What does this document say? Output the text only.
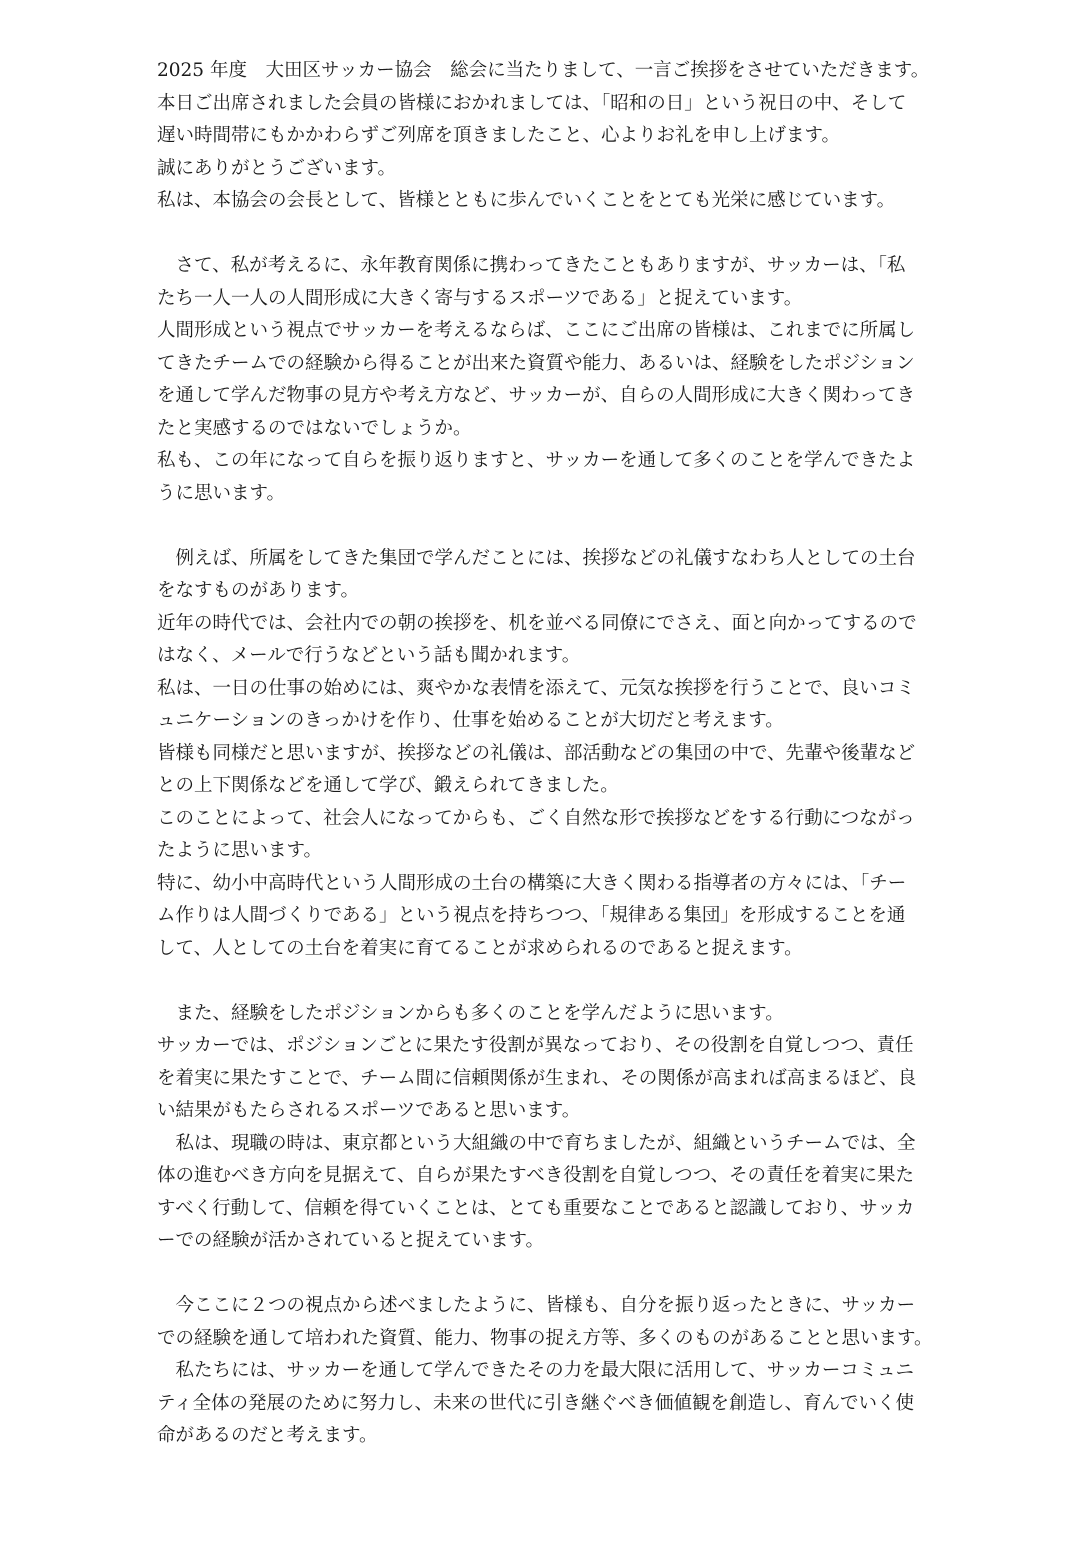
2025 年度　大田区サッカー協会　総会に当たりまして、一言ご挨拶をさせていただきます。
本日ご出席されました会員の皆様におかれましては、「昭和の日」という祝日の中、そして
遅い時間帯にもかかわらずご列席を頂きましたこと、心よりお礼を申し上げます。
誠にありがとうございます。
私は、本協会の会長として、皆様とともに歩んでいくことをとても光栄に感じています。
　さて、私が考えるに、永年教育関係に携わってきたこともありますが、サッカーは、「私
たち一人一人の人間形成に大きく寄与するスポーツである」と捉えています。
人間形成という視点でサッカーを考えるならば、ここにご出席の皆様は、これまでに所属し
てきたチームでの経験から得ることが出来た資質や能力、あるいは、経験をしたポジション
を通して学んだ物事の見方や考え方など、サッカーが、自らの人間形成に大きく関わってき
たと実感するのではないでしょうか。
私も、この年になって自らを振り返りますと、サッカーを通して多くのことを学んできたよ
うに思います。
　例えば、所属をしてきた集団で学んだことには、挨拶などの礼儀すなわち人としての土台
をなすものがあります。
近年の時代では、会社内での朝の挨拶を、机を並べる同僚にでさえ、面と向かってするので
はなく、メールで行うなどという話も聞かれます。
私は、一日の仕事の始めには、爽やかな表情を添えて、元気な挨拶を行うことで、良いコミ
ュニケーションのきっかけを作り、仕事を始めることが大切だと考えます。
皆様も同様だと思いますが、挨拶などの礼儀は、部活動などの集団の中で、先輩や後輩など
との上下関係などを通して学び、鍛えられてきました。
このことによって、社会人になってからも、ごく自然な形で挨拶などをする行動につながっ
たように思います。
特に、幼小中高時代という人間形成の土台の構築に大きく関わる指導者の方々には、「チー
ム作りは人間づくりである」という視点を持ちつつ、「規律ある集団」を形成することを通
して、人としての土台を着実に育てることが求められるのであると捉えます。
　また、経験をしたポジションからも多くのことを学んだように思います。
サッカーでは、ポジションごとに果たす役割が異なっており、その役割を自覚しつつ、責任
を着実に果たすことで、チーム間に信頼関係が生まれ、その関係が高まれば高まるほど、良
い結果がもたらされるスポーツであると思います。
　私は、現職の時は、東京都という大組織の中で育ちましたが、組織というチームでは、全
体の進むべき方向を見据えて、自らが果たすべき役割を自覚しつつ、その責任を着実に果た
すべく行動して、信頼を得ていくことは、とても重要なことであると認識しており、サッカ
ーでの経験が活かされていると捉えています。
　今ここに２つの視点から述べましたように、皆様も、自分を振り返ったときに、サッカー
での経験を通して培われた資質、能力、物事の捉え方等、多くのものがあることと思います。
　私たちには、サッカーを通して学んできたその力を最大限に活用して、サッカーコミュニ
ティ全体の発展のために努力し、未来の世代に引き継ぐべき価値観を創造し、育んでいく使
命があるのだと考えます。
